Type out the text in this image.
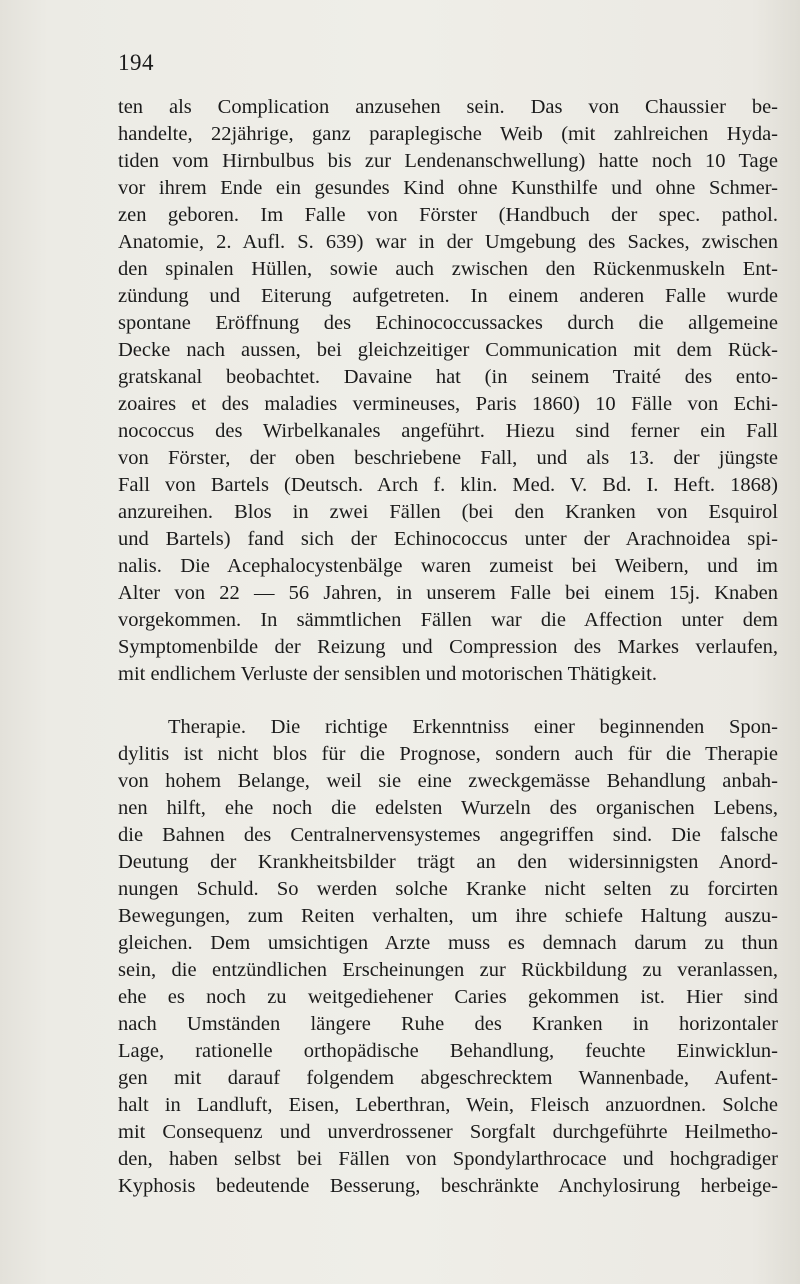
194
ten als Complication anzusehen sein. Das von Chaussier be-
handelte, 22jährige, ganz paraplegische Weib (mit zahlreichen Hyda-
tiden vom Hirnbulbus bis zur Lendenanschwellung) hatte noch 10 Tage
vor ihrem Ende ein gesundes Kind ohne Kunsthilfe und ohne Schmer-
zen geboren. Im Falle von Förster (Handbuch der spec. pathol.
Anatomie, 2. Aufl. S. 639) war in der Umgebung des Sackes, zwischen
den spinalen Hüllen, sowie auch zwischen den Rückenmuskeln Ent-
zündung und Eiterung aufgetreten. In einem anderen Falle wurde
spontane Eröffnung des Echinococcussackes durch die allgemeine
Decke nach aussen, bei gleichzeitiger Communication mit dem Rück-
gratskanal beobachtet. Davaine hat (in seinem Traité des ento-
zoaires et des maladies vermineuses, Paris 1860) 10 Fälle von Echi-
nococcus des Wirbelkanales angeführt. Hiezu sind ferner ein Fall
von Förster, der oben beschriebene Fall, und als 13. der jüngste
Fall von Bartels (Deutsch. Arch f. klin. Med. V. Bd. I. Heft. 1868)
anzureihen. Blos in zwei Fällen (bei den Kranken von Esquirol
und Bartels) fand sich der Echinococcus unter der Arachnoidea spi-
nalis. Die Acephalocystenbälge waren zumeist bei Weibern, und im
Alter von 22 — 56 Jahren, in unserem Falle bei einem 15j. Knaben
vorgekommen. In sämmtlichen Fällen war die Affection unter dem
Symptomenbilde der Reizung und Compression des Markes verlaufen,
mit endlichem Verluste der sensiblen und motorischen Thätigkeit.
Therapie. Die richtige Erkenntniss einer beginnenden Spon-
dylitis ist nicht blos für die Prognose, sondern auch für die Therapie
von hohem Belange, weil sie eine zweckgemässe Behandlung anbah-
nen hilft, ehe noch die edelsten Wurzeln des organischen Lebens,
die Bahnen des Centralnervensystemes angegriffen sind. Die falsche
Deutung der Krankheitsbilder trägt an den widersinnigsten Anord-
nungen Schuld. So werden solche Kranke nicht selten zu forcirten
Bewegungen, zum Reiten verhalten, um ihre schiefe Haltung auszu-
gleichen. Dem umsichtigen Arzte muss es demnach darum zu thun
sein, die entzündlichen Erscheinungen zur Rückbildung zu veranlassen,
ehe es noch zu weitgediehener Caries gekommen ist. Hier sind
nach Umständen längere Ruhe des Kranken in horizontaler
Lage, rationelle orthopädische Behandlung, feuchte Einwicklun-
gen mit darauf folgendem abgeschrecktem Wannenbade, Aufent-
halt in Landluft, Eisen, Leberthran, Wein, Fleisch anzuordnen. Solche
mit Consequenz und unverdrossener Sorgfalt durchgeführte Heilmetho-
den, haben selbst bei Fällen von Spondylarthrocace und hochgradiger
Kyphosis bedeutende Besserung, beschränkte Anchylosirung herbeige-
